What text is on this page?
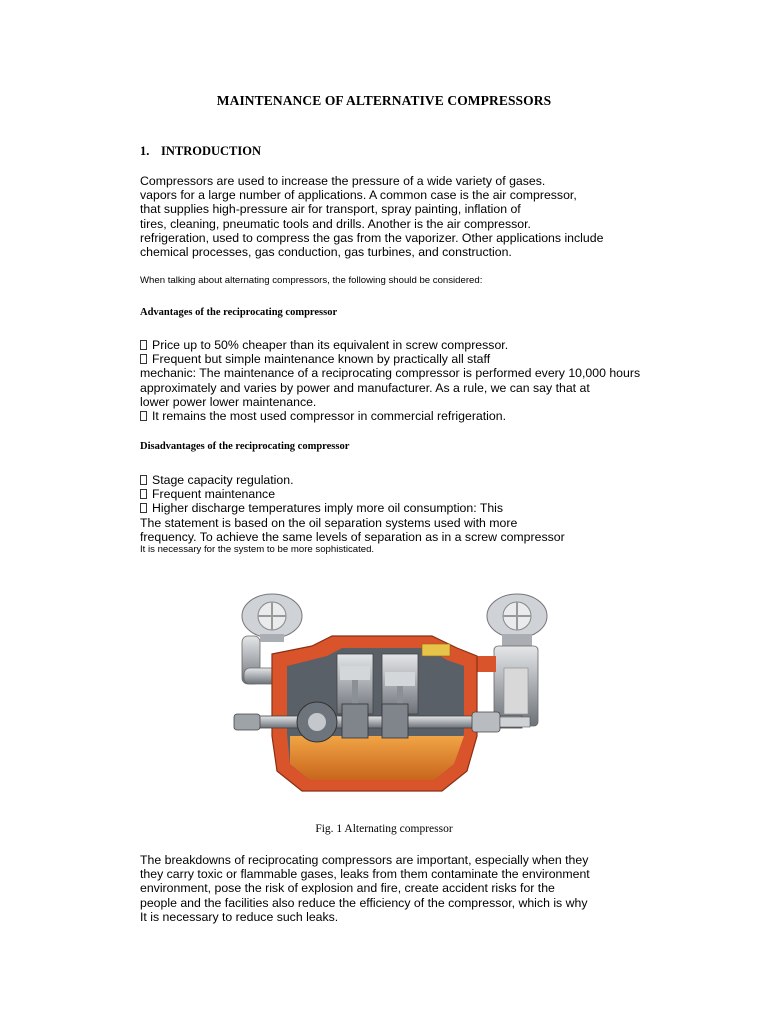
MAINTENANCE OF ALTERNATIVE COMPRESSORS
1. INTRODUCTION
Compressors are used to increase the pressure of a wide variety of gases.
vapors for a large number of applications. A common case is the air compressor,
that supplies high-pressure air for transport, spray painting, inflation of
tires, cleaning, pneumatic tools and drills. Another is the air compressor.
refrigeration, used to compress the gas from the vaporizer. Other applications include
chemical processes, gas conduction, gas turbines, and construction.
When talking about alternating compressors, the following should be considered:
Advantages of the reciprocating compressor
Price up to 50% cheaper than its equivalent in screw compressor.
Frequent but simple maintenance known by practically all staff
mechanic: The maintenance of a reciprocating compressor is performed every 10,000 hours
approximately and varies by power and manufacturer. As a rule, we can say that at
lower power lower maintenance.
It remains the most used compressor in commercial refrigeration.
Disadvantages of the reciprocating compressor
Stage capacity regulation.
Frequent maintenance
Higher discharge temperatures imply more oil consumption: This
The statement is based on the oil separation systems used with more
frequency. To achieve the same levels of separation as in a screw compressor
It is necessary for the system to be more sophisticated.
Fig. 1 Alternating compressor
The breakdowns of reciprocating compressors are important, especially when they
they carry toxic or flammable gases, leaks from them contaminate the environment
environment, pose the risk of explosion and fire, create accident risks for the
people and the facilities also reduce the efficiency of the compressor, which is why
It is necessary to reduce such leaks.
